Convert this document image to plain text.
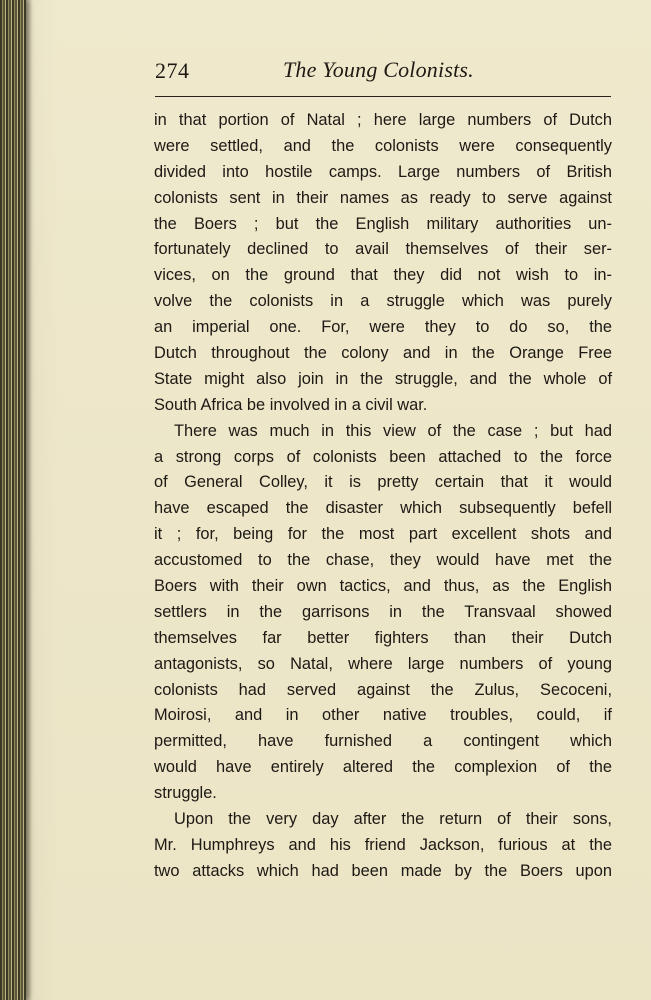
274	The Young Colonists.
in that portion of Natal ; here large numbers of Dutch
were settled, and the colonists were consequently
divided into hostile camps. Large numbers of British
colonists sent in their names as ready to serve against
the Boers ; but the English military authorities un-
fortunately declined to avail themselves of their ser-
vices, on the ground that they did not wish to in-
volve the colonists in a struggle which was purely
an imperial one. For, were they to do so, the
Dutch throughout the colony and in the Orange Free
State might also join in the struggle, and the whole of
South Africa be involved in a civil war.
There was much in this view of the case ; but had
a strong corps of colonists been attached to the force
of General Colley, it is pretty certain that it would
have escaped the disaster which subsequently befell
it ; for, being for the most part excellent shots and
accustomed to the chase, they would have met the
Boers with their own tactics, and thus, as the English
settlers in the garrisons in the Transvaal showed
themselves far better fighters than their Dutch
antagonists, so Natal, where large numbers of young
colonists had served against the Zulus, Secoceni,
Moirosi, and in other native troubles, could, if
permitted, have furnished a contingent which
would have entirely altered the complexion of the
struggle.
Upon the very day after the return of their sons,
Mr. Humphreys and his friend Jackson, furious at the
two attacks which had been made by the Boers upon
